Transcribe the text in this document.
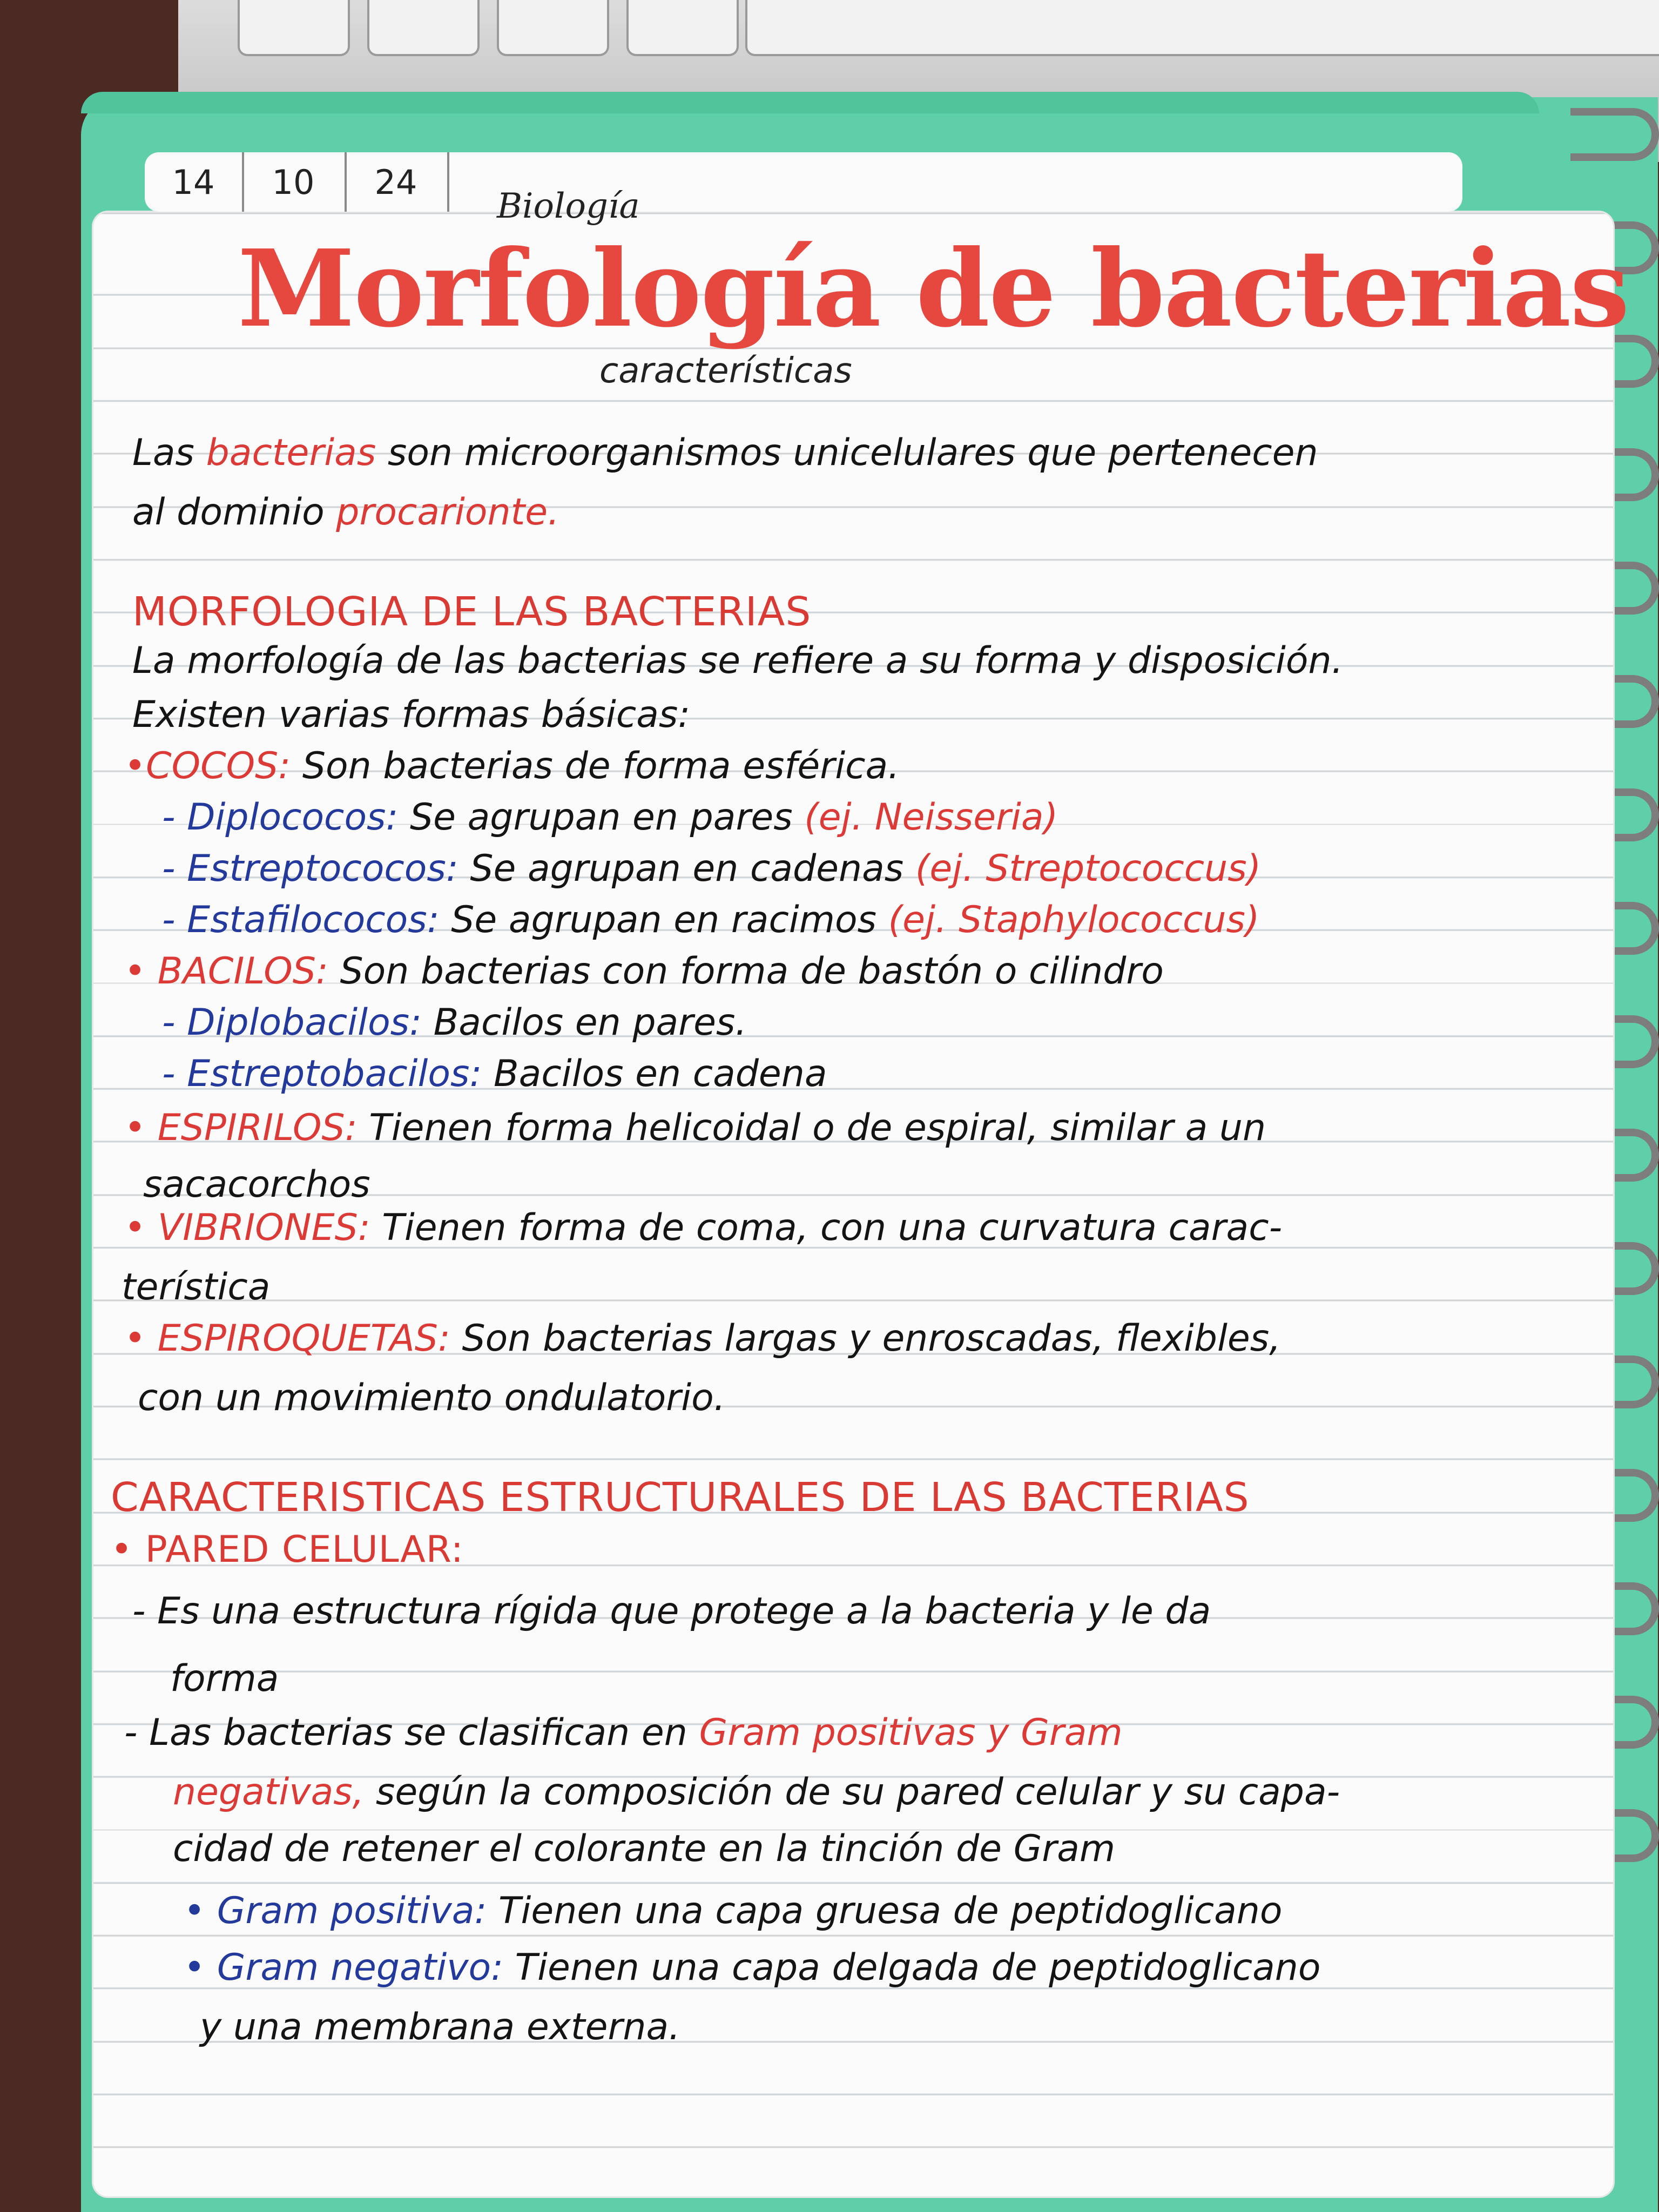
14	10	24
Biología
Morfología de bacterias
características
Las bacterias son microorganismos unicelulares que pertenecen
al dominio procarionte.
MORFOLOGIA DE LAS BACTERIAS
La morfología de las bacterias se refiere a su forma y disposición.
Existen varias formas básicas:
•COCOS: Son bacterias de forma esférica.
- Diplococos: Se agrupan en pares (ej. Neisseria)
- Estreptococos: Se agrupan en cadenas (ej. Streptococcus)
- Estafilococos: Se agrupan en racimos (ej. Staphylococcus)
• BACILOS: Son bacterias con forma de bastón o cilindro
- Diplobacilos: Bacilos en pares.
- Estreptobacilos: Bacilos en cadena
• ESPIRILOS: Tienen forma helicoidal o de espiral, similar a un
sacacorchos
• VIBRIONES: Tienen forma de coma, con una curvatura carac-
terística
• ESPIROQUETAS: Son bacterias largas y enroscadas, flexibles,
con un movimiento ondulatorio.
CARACTERISTICAS ESTRUCTURALES DE LAS BACTERIAS
• PARED CELULAR:
- Es una estructura rígida que protege a la bacteria y le da
forma
- Las bacterias se clasifican en Gram positivas y Gram
negativas, según la composición de su pared celular y su capa-
cidad de retener el colorante en la tinción de Gram
• Gram positiva: Tienen una capa gruesa de peptidoglicano
• Gram negativo: Tienen una capa delgada de peptidoglicano
y una membrana externa.
